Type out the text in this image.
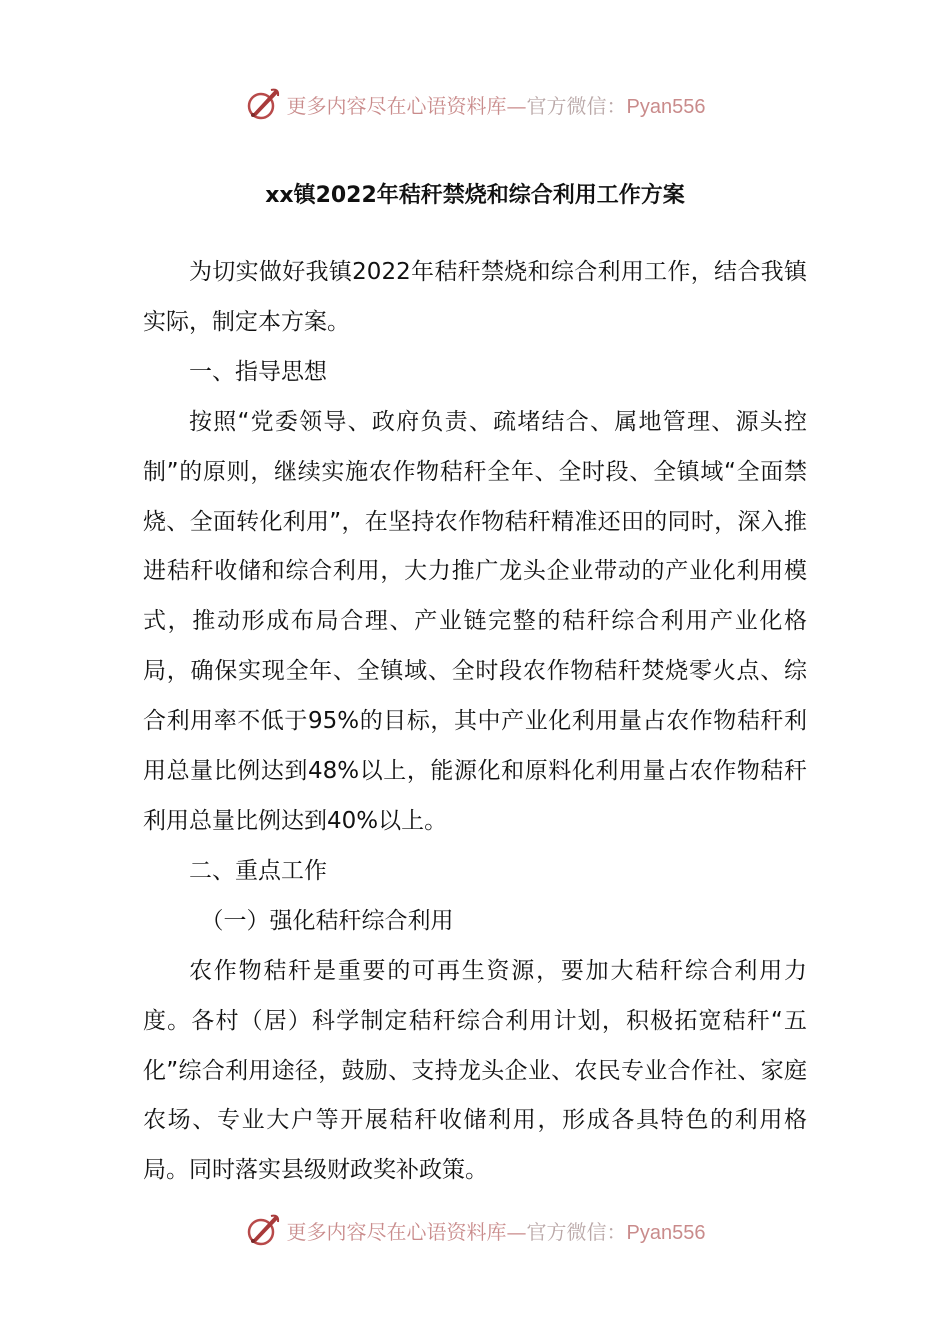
更多内容尽在心语资料库—官方微信：Pyan556
xx镇2022年秸秆禁烧和综合利用工作方案

为切实做好我镇2022年秸秆禁烧和综合利用工作，结合我镇实际，制定本方案。

一、指导思想

按照“党委领导、政府负责、疏堵结合、属地管理、源头控制”的原则，继续实施农作物秸秆全年、全时段、全镇域“全面禁烧、全面转化利用”，在坚持农作物秸秆精准还田的同时，深入推进秸秆收储和综合利用，大力推广龙头企业带动的产业化利用模式，推动形成布局合理、产业链完整的秸秆综合利用产业化格局，确保实现全年、全镇域、全时段农作物秸秆焚烧零火点、综合利用率不低于95%的目标，其中产业化利用量占农作物秸秆利用总量比例达到48%以上，能源化和原料化利用量占农作物秸秆利用总量比例达到40%以上。

二、重点工作

（一）强化秸秆综合利用

农作物秸秆是重要的可再生资源，要加大秸秆综合利用力度。各村（居）科学制定秸秆综合利用计划，积极拓宽秸秆“五化”综合利用途径，鼓励、支持龙头企业、农民专业合作社、家庭农场、专业大户等开展秸秆收储利用，形成各具特色的利用格局。同时落实县级财政奖补政策。

更多内容尽在心语资料库—官方微信：Pyan556
